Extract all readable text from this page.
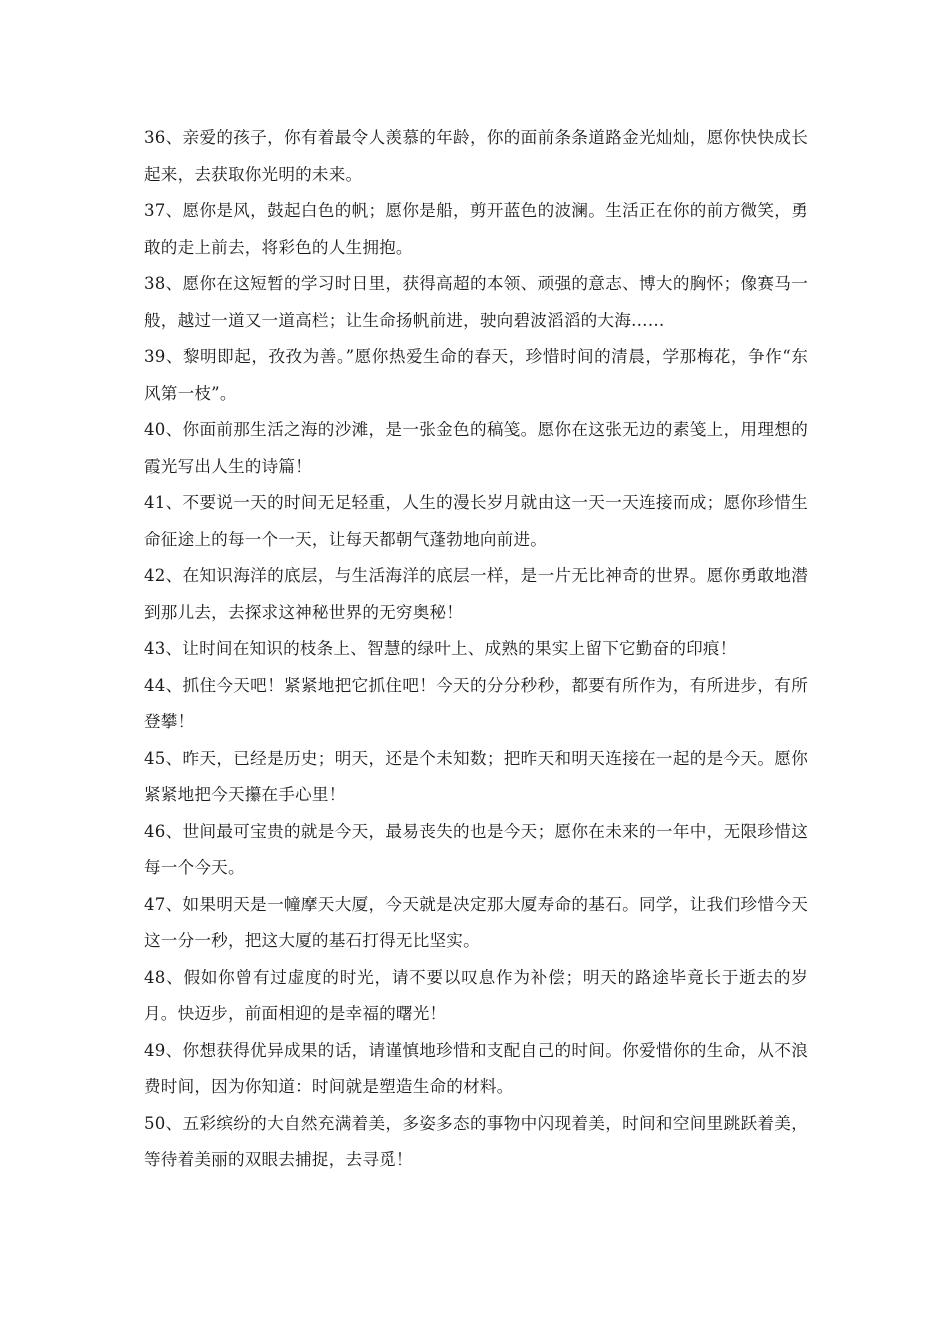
36、亲爱的孩子，你有着最令人羡慕的年龄，你的面前条条道路金光灿灿，愿你快快成长起来，去获取你光明的未来。

37、愿你是风，鼓起白色的帆；愿你是船，剪开蓝色的波澜。生活正在你的前方微笑，勇敢的走上前去，将彩色的人生拥抱。

38、愿你在这短暂的学习时日里，获得高超的本领、顽强的意志、博大的胸怀；像赛马一般，越过一道又一道高栏；让生命扬帆前进，驶向碧波滔滔的大海……

39、黎明即起，孜孜为善。”愿你热爱生命的春天，珍惜时间的清晨，学那梅花，争作“东风第一枝”。

40、你面前那生活之海的沙滩，是一张金色的稿笺。愿你在这张无边的素笺上，用理想的霞光写出人生的诗篇！

41、不要说一天的时间无足轻重，人生的漫长岁月就由这一天一天连接而成；愿你珍惜生命征途上的每一个一天，让每天都朝气蓬勃地向前进。

42、在知识海洋的底层，与生活海洋的底层一样，是一片无比神奇的世界。愿你勇敢地潜到那儿去，去探求这神秘世界的无穷奥秘！

43、让时间在知识的枝条上、智慧的绿叶上、成熟的果实上留下它勤奋的印痕！

44、抓住今天吧！紧紧地把它抓住吧！今天的分分秒秒，都要有所作为，有所进步，有所登攀！

45、昨天，已经是历史；明天，还是个未知数；把昨天和明天连接在一起的是今天。愿你紧紧地把今天攥在手心里！

46、世间最可宝贵的就是今天，最易丧失的也是今天；愿你在未来的一年中，无限珍惜这每一个今天。

47、如果明天是一幢摩天大厦，今天就是决定那大厦寿命的基石。同学，让我们珍惜今天这一分一秒，把这大厦的基石打得无比坚实。

48、假如你曾有过虚度的时光，请不要以叹息作为补偿；明天的路途毕竟长于逝去的岁月。快迈步，前面相迎的是幸福的曙光！

49、你想获得优异成果的话，请谨慎地珍惜和支配自己的时间。你爱惜你的生命，从不浪费时间，因为你知道：时间就是塑造生命的材料。

50、五彩缤纷的大自然充满着美，多姿多态的事物中闪现着美，时间和空间里跳跃着美，等待着美丽的双眼去捕捉，去寻觅！
